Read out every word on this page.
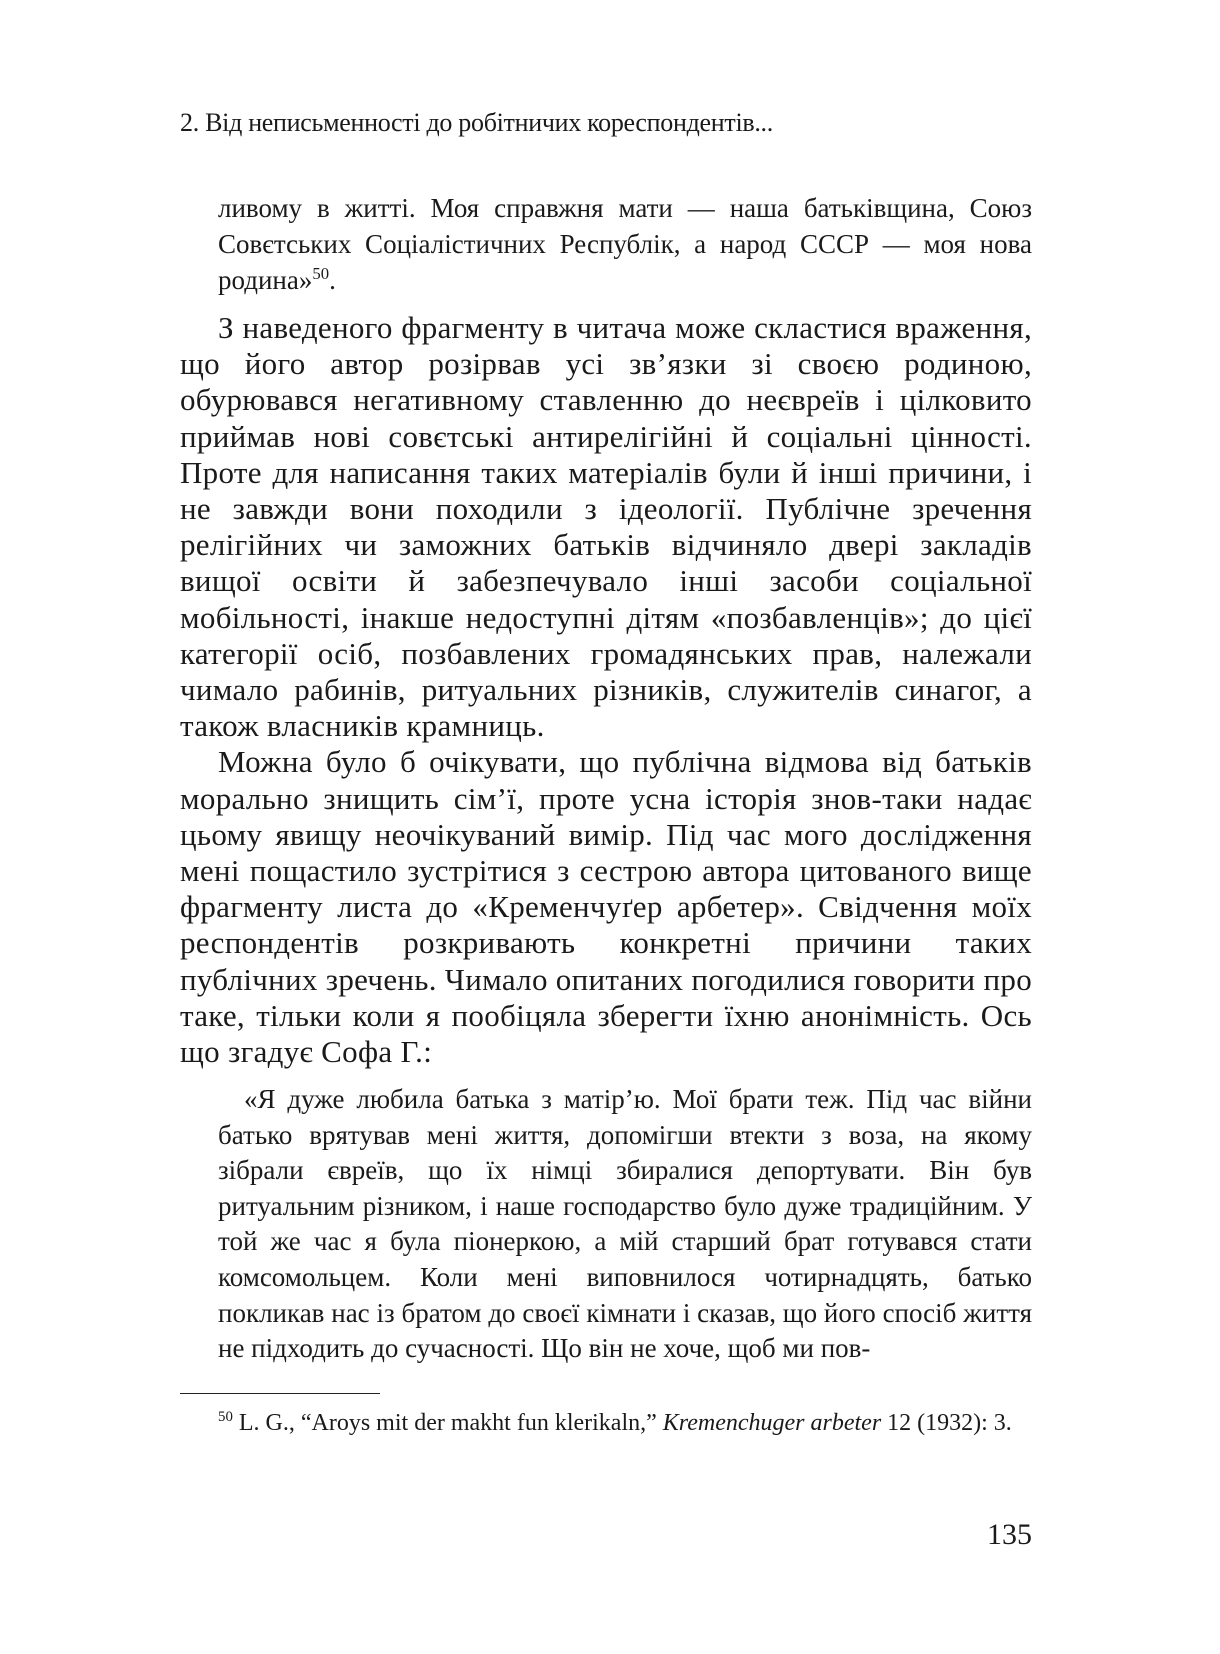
2. Від неписьменності до робітничих кореспондентів...
ливому в житті. Моя справжня мати — наша батьківщина, Союз Совєтських Соціалістичних Республік, а народ СССР — моя нова родина»$^{50}$.

З наведеного фрагменту в читача може скластися враження, що його автор розірвав усі зв’язки зі своєю родиною, обурювався негативному ставленню до неєвреїв і цілковито приймав нові совєтські антирелігійні й соціальні цінності. Проте для написання таких матеріалів були й інші причини, і не завжди вони походили з ідеології. Публічне зречення релігійних чи заможних батьків відчиняло двері закладів вищої освіти й забезпечувало інші засоби соціальної мобільності, інакше недоступні дітям «позбавленців»; до цієї категорії осіб, позбавлених громадянських прав, належали чимало рабинів, ритуальних різників, служителів синагог, а також власників крамниць.

Можна було б очікувати, що публічна відмова від батьків морально знищить сім’ї, проте усна історія знов-таки надає цьому явищу неочікуваний вимір. Під час мого дослідження мені пощастило зустрітися з сестрою автора цитованого вище фрагменту листа до «Кременчуґер арбетер». Свідчення моїх респондентів розкривають конкретні причини таких публічних зречень. Чимало опитаних погодилися говорити про таке, тільки коли я пообіцяла зберегти їхню анонімність. Ось що згадує Софа Г.:

«Я дуже любила батька з матір’ю. Мої брати теж. Під час війни батько врятував мені життя, допомігши втекти з воза, на якому зібрали євреїв, що їх німці збиралися депортувати. Він був ритуальним різником, і наше господарство було дуже традиційним. У той же час я була піонеркою, а мій старший брат готувався стати комсомольцем. Коли мені виповнилося чотирнадцять, батько покликав нас із братом до своєї кімнати і сказав, що його спосіб життя не підходить до сучасності. Що він не хоче, щоб ми пов-

$^{50}$ L. G., “Aroys mit der makht fun klerikaln,” Kremenchuger arbeter 12 (1932): 3.

135
